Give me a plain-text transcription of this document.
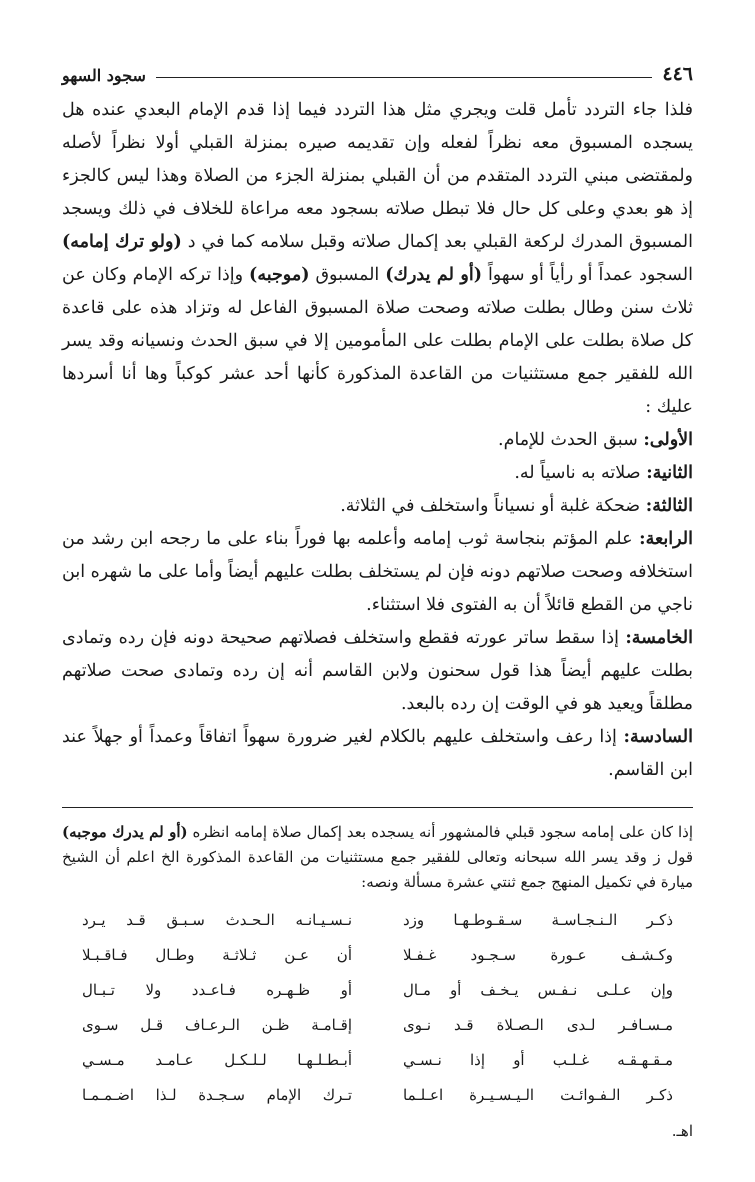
٤٤٦
سجود السهو

فلذا جاء التردد تأمل قلت ويجري مثل هذا التردد فيما إذا قدم الإمام البعدي عنده هل يسجده المسبوق معه نظراً لفعله وإن تقديمه صيره بمنزلة القبلي أولا نظراً لأصله ولمقتضى مبني التردد المتقدم من أن القبلي بمنزلة الجزء من الصلاة وهذا ليس كالجزء إذ هو بعدي وعلى كل حال فلا تبطل صلاته بسجود معه مراعاة للخلاف في ذلك ويسجد المسبوق المدرك لركعة القبلي بعد إكمال صلاته وقبل سلامه كما في د (ولو ترك إمامه) السجود عمداً أو رأياً أو سهواً (أو لم يدرك) المسبوق (موجبه) وإذا تركه الإمام وكان عن ثلاث سنن وطال بطلت صلاته وصحت صلاة المسبوق الفاعل له وتزاد هذه على قاعدة كل صلاة بطلت على الإمام بطلت على المأمومين إلا في سبق الحدث ونسيانه وقد يسر الله للفقير جمع مستثنيات من القاعدة المذكورة كأنها أحد عشر كوكباً وها أنا أسردها عليك :

الأولى: سبق الحدث للإمام.

الثانية: صلاته به ناسياً له.

الثالثة: ضحكة غلبة أو نسياناً واستخلف في الثلاثة.

الرابعة: علم المؤتم بنجاسة ثوب إمامه وأعلمه بها فوراً بناء على ما رجحه ابن رشد من استخلافه وصحت صلاتهم دونه فإن لم يستخلف بطلت عليهم أيضاً وأما على ما شهره ابن ناجي من القطع قائلاً أن به الفتوى فلا استثناء.

الخامسة: إذا سقط ساتر عورته فقطع واستخلف فصلاتهم صحيحة دونه فإن رده وتمادى بطلت عليهم أيضاً هذا قول سحنون ولابن القاسم أنه إن رده وتمادى صحت صلاتهم مطلقاً ويعيد هو في الوقت إن رده بالبعد.

السادسة: إذا رعف واستخلف عليهم بالكلام لغير ضرورة سهواً اتفاقاً وعمداً أو جهلاً عند ابن القاسم.

إذا كان على إمامه سجود قبلي فالمشهور أنه يسجده بعد إكمال صلاة إمامه انظره (أو لم يدرك موجبه) قول ز وقد يسر الله سبحانه وتعالى للفقير جمع مستثنيات من القاعدة المذكورة الخ اعلم أن الشيخ ميارة في تكميل المنهج جمع ثنتي عشرة مسألة ونصه:

ذكـر الـنـجـاسـة سـقـوطـهـا وزد
نـسـيـانـه الـحـدث سـبـق قـد يـرد
وكـشـف عـورة سـجـود غـفـلا
أن عـن ثـلاثـة وطـال فـاقـبـلا
وإن عـلـى نـفـس يـخـف أو مـال
أو ظـهـره فـاعـدد ولا تـبـال
مـسـافـر لـدى الـصـلاة قـد نـوى
إقـامـة ظـن الـرعـاف قـل سـوى
مـقـهـقـه غـلـب أو إذا نـسـي
أبـطـلـهـا لـلـكـل عـامـد مـسـي
ذكـر الـفـوائـت الـيـسـيـرة اعـلـما
تـرك الإمام سـجـدة لـذا اضـمـمـا
اهـ.
